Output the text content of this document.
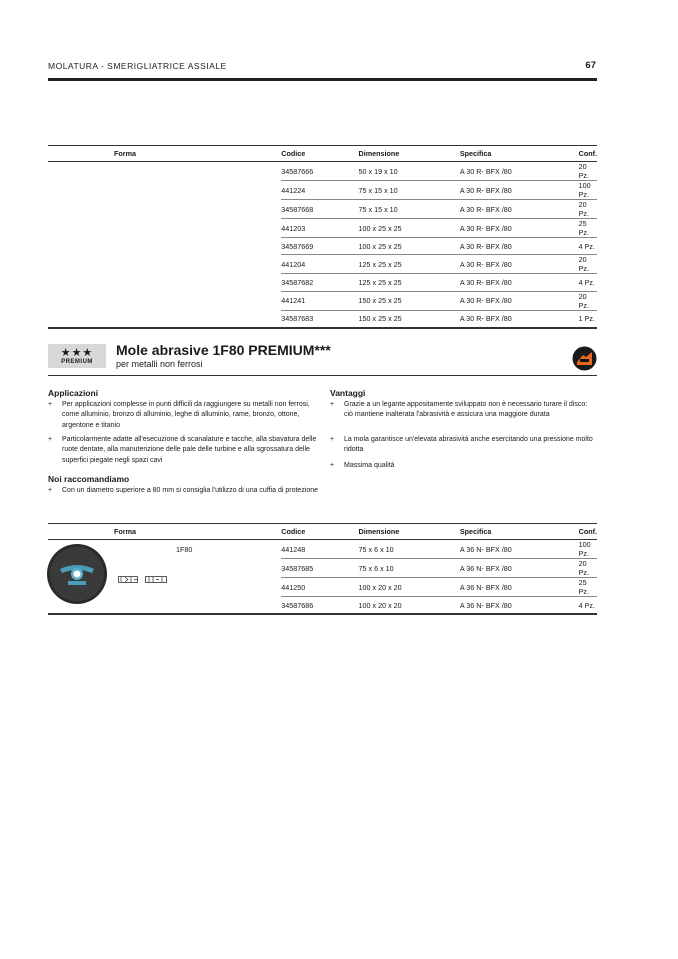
MOLATURA - SMERIGLIATRICE ASSIALE	67
Forma	Codice	Dimensione	Specifica	Conf.
	34587666	50 x 19 x 10	A 30 R- BFX /80	20 Pz.
	441224	75 x 15 x 10	A 30 R- BFX /80	100 Pz.
	34587668	75 x 15 x 10	A 30 R- BFX /80	20 Pz.
	441203	100 x 25 x 25	A 30 R- BFX /80	25 Pz.
	34587669	100 x 25 x 25	A 30 R- BFX /80	4 Pz.
	441204	125 x 25 x 25	A 30 R- BFX /80	20 Pz.
	34587682	125 x 25 x 25	A 30 R- BFX /80	4 Pz.
	441241	150 x 25 x 25	A 30 R- BFX /80	20 Pz.
	34587683	150 x 25 x 25	A 30 R- BFX /80	1 Pz.
★★★
PREMIUM
Mole abrasive 1F80 PREMIUM***
per metalli non ferrosi
Applicazioni
+	Per applicazioni complesse in punti difficili da raggiungere su metalli non ferrosi, come alluminio, bronzo di alluminio, leghe di alluminio, rame, bronzo, ottone, argentone e titanio
+	Particolarmente adatte all'esecuzione di scanalature e tacche, alla sbavatura delle ruote dentate, alla manutenzione delle pale delle turbine e alla sgrossatura delle superfici piegate negli spazi cavi
Noi raccomandiamo
+	Con un diametro superiore a 80 mm si consiglia l'utilizzo di una cuffia di protezione
Vantaggi
+	Grazie a un legante appositamente sviluppato non è necessario turare il disco: ciò mantiene inalterata l'abrasività e assicura una maggiore durata
+	La mola garantisce un'elevata abrasività anche esercitando una pressione molto ridotta
+	Massima qualità
Forma	Codice	Dimensione	Specifica	Conf.
	441248	75 x 6 x 10	A 36 N- BFX /80	100 Pz.
	34587685	75 x 6 x 10	A 36 N- BFX /80	20 Pz.
	441250	100 x 20 x 20	A 36 N- BFX /80	25 Pz.
	34587686	100 x 20 x 20	A 36 N- BFX /80	4 Pz.
1F80
